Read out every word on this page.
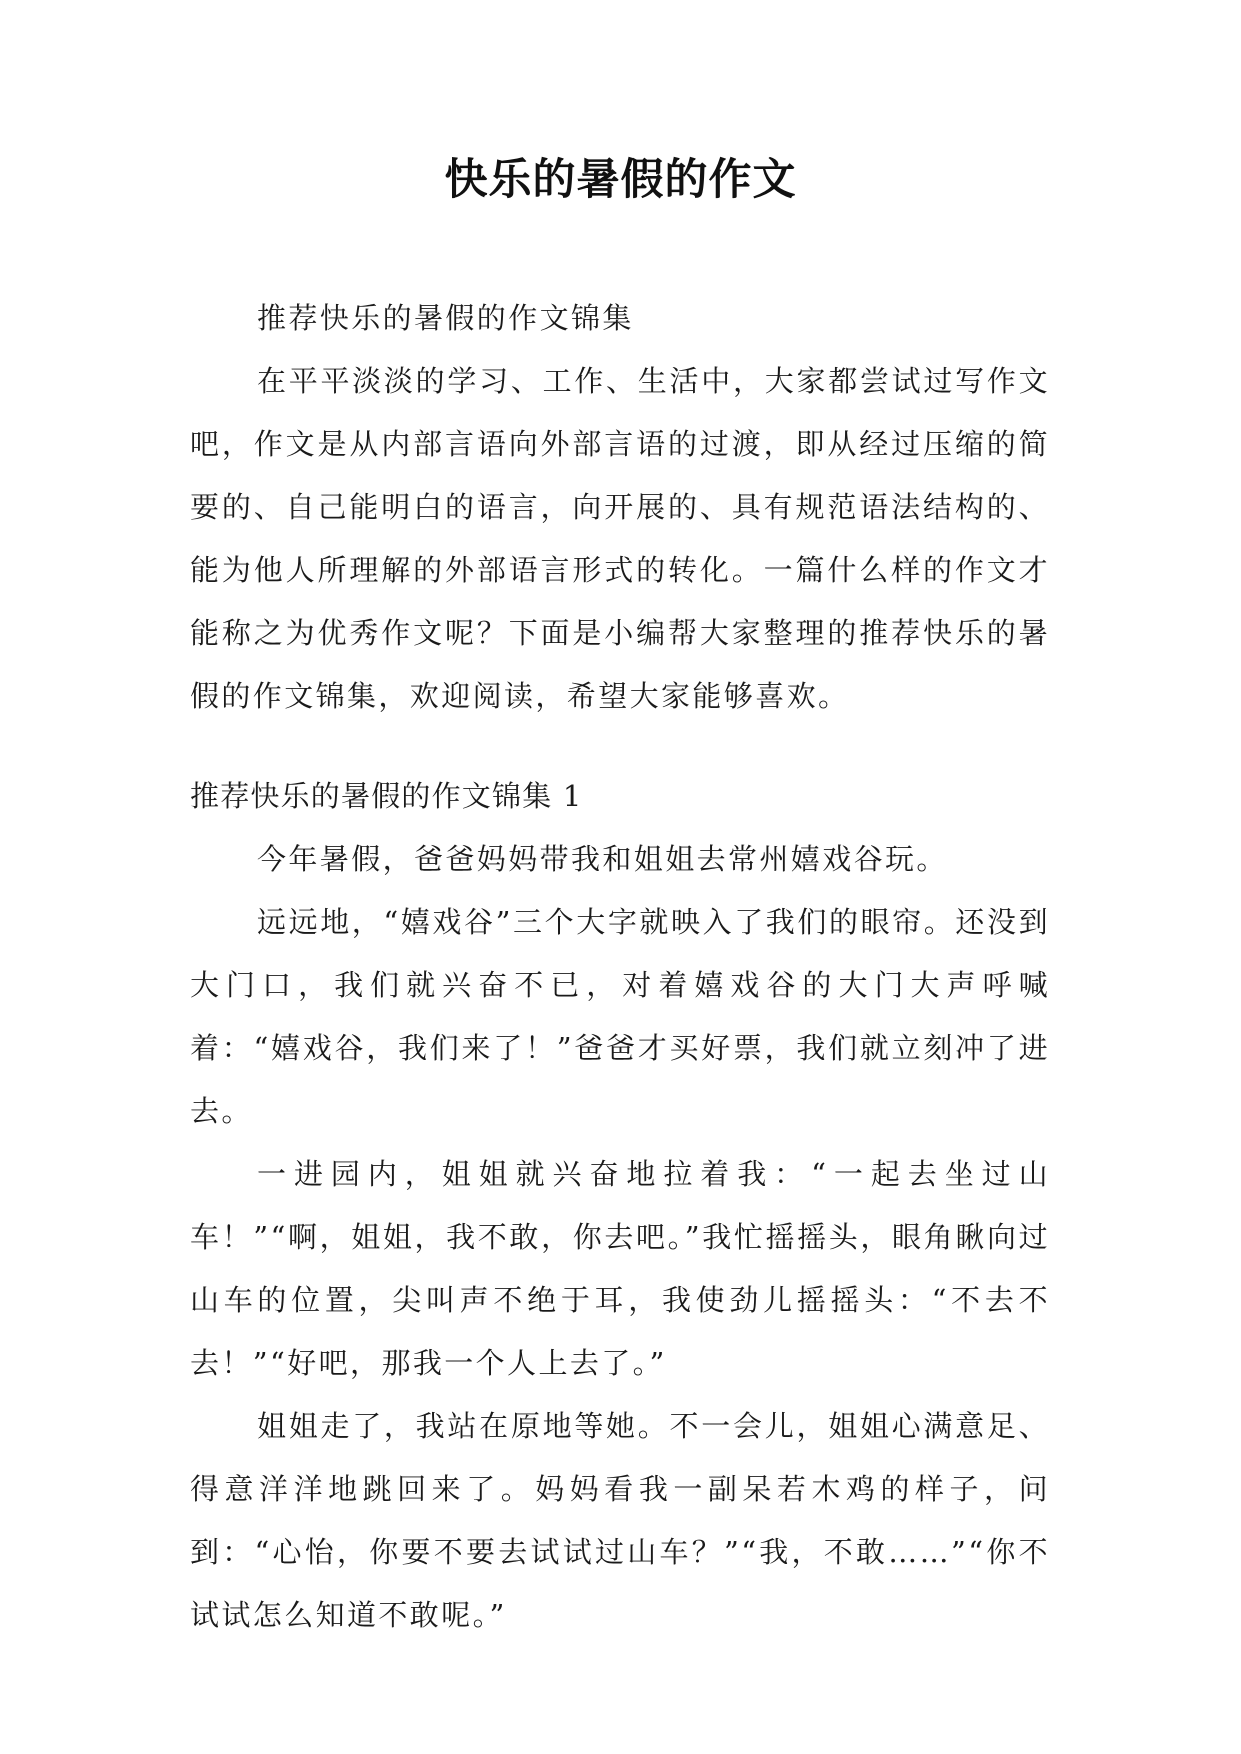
快乐的暑假的作文

推荐快乐的暑假的作文锦集

在平平淡淡的学习、工作、生活中，大家都尝试过写作文吧，作文是从内部言语向外部言语的过渡，即从经过压缩的简要的、自己能明白的语言，向开展的、具有规范语法结构的、能为他人所理解的外部语言形式的转化。一篇什么样的作文才能称之为优秀作文呢？下面是小编帮大家整理的推荐快乐的暑假的作文锦集，欢迎阅读，希望大家能够喜欢。

推荐快乐的暑假的作文锦集 1

今年暑假，爸爸妈妈带我和姐姐去常州嬉戏谷玩。

远远地，“嬉戏谷”三个大字就映入了我们的眼帘。还没到大门口，我们就兴奋不已，对着嬉戏谷的大门大声呼喊着：“嬉戏谷，我们来了！”爸爸才买好票，我们就立刻冲了进去。

一进园内，姐姐就兴奋地拉着我：“一起去坐过山车！”“啊，姐姐，我不敢，你去吧。”我忙摇摇头，眼角瞅向过山车的位置，尖叫声不绝于耳，我使劲儿摇摇头：“不去不去！”“好吧，那我一个人上去了。”

姐姐走了，我站在原地等她。不一会儿，姐姐心满意足、得意洋洋地跳回来了。妈妈看我一副呆若木鸡的样子，问到：“心怡，你要不要去试试过山车？”“我，不敢……”“你不试试怎么知道不敢呢。”
